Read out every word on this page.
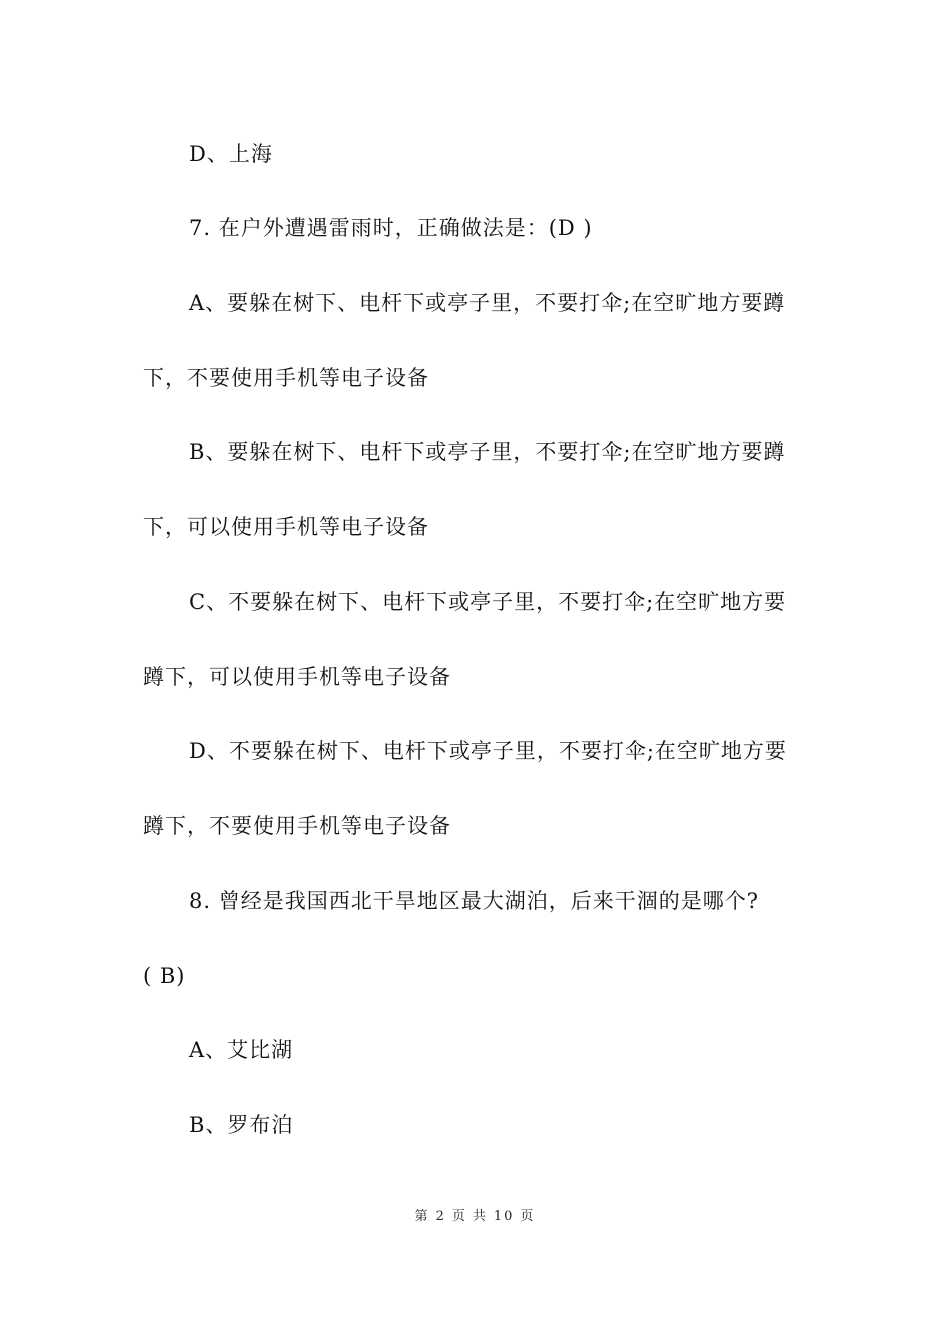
D、上海
7. 在户外遭遇雷雨时，正确做法是：(D )
A、要躲在树下、电杆下或亭子里，不要打伞;在空旷地方要蹲
下，不要使用手机等电子设备
B、要躲在树下、电杆下或亭子里，不要打伞;在空旷地方要蹲
下，可以使用手机等电子设备
C、不要躲在树下、电杆下或亭子里，不要打伞;在空旷地方要
蹲下，可以使用手机等电子设备
D、不要躲在树下、电杆下或亭子里，不要打伞;在空旷地方要
蹲下，不要使用手机等电子设备
8. 曾经是我国西北干旱地区最大湖泊，后来干涸的是哪个?
( B)
A、艾比湖
B、罗布泊
第 2 页 共 10 页
